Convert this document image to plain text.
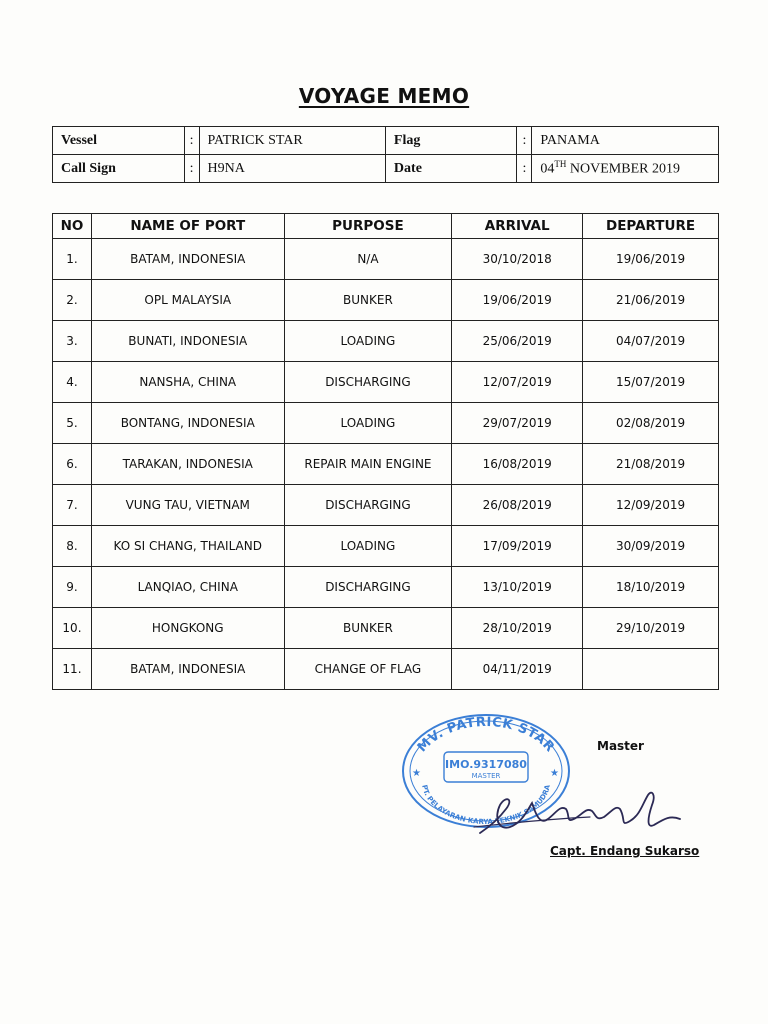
VOYAGE MEMO
Vessel	:	PATRICK STAR	Flag	:	PANAMA
Call Sign	:	H9NA	Date	:	04TH NOVEMBER 2019
NO	NAME OF PORT	PURPOSE	ARRIVAL	DEPARTURE
1.	BATAM, INDONESIA	N/A	30/10/2018	19/06/2019
2.	OPL MALAYSIA	BUNKER	19/06/2019	21/06/2019
3.	BUNATI, INDONESIA	LOADING	25/06/2019	04/07/2019
4.	NANSHA, CHINA	DISCHARGING	12/07/2019	15/07/2019
5.	BONTANG, INDONESIA	LOADING	29/07/2019	02/08/2019
6.	TARAKAN, INDONESIA	REPAIR MAIN ENGINE	16/08/2019	21/08/2019
7.	VUNG TAU, VIETNAM	DISCHARGING	26/08/2019	12/09/2019
8.	KO SI CHANG, THAILAND	LOADING	17/09/2019	30/09/2019
9.	LANQIAO, CHINA	DISCHARGING	13/10/2019	18/10/2019
10.	HONGKONG	BUNKER	28/10/2019	29/10/2019
11.	BATAM, INDONESIA	CHANGE OF FLAG	04/11/2019	
MV. PATRICK STAR
IMO.9317080
MASTER
PT. PELAYARAN KARYA TEKNIK SAMUDRA
★	★
Master
Capt. Endang Sukarso
